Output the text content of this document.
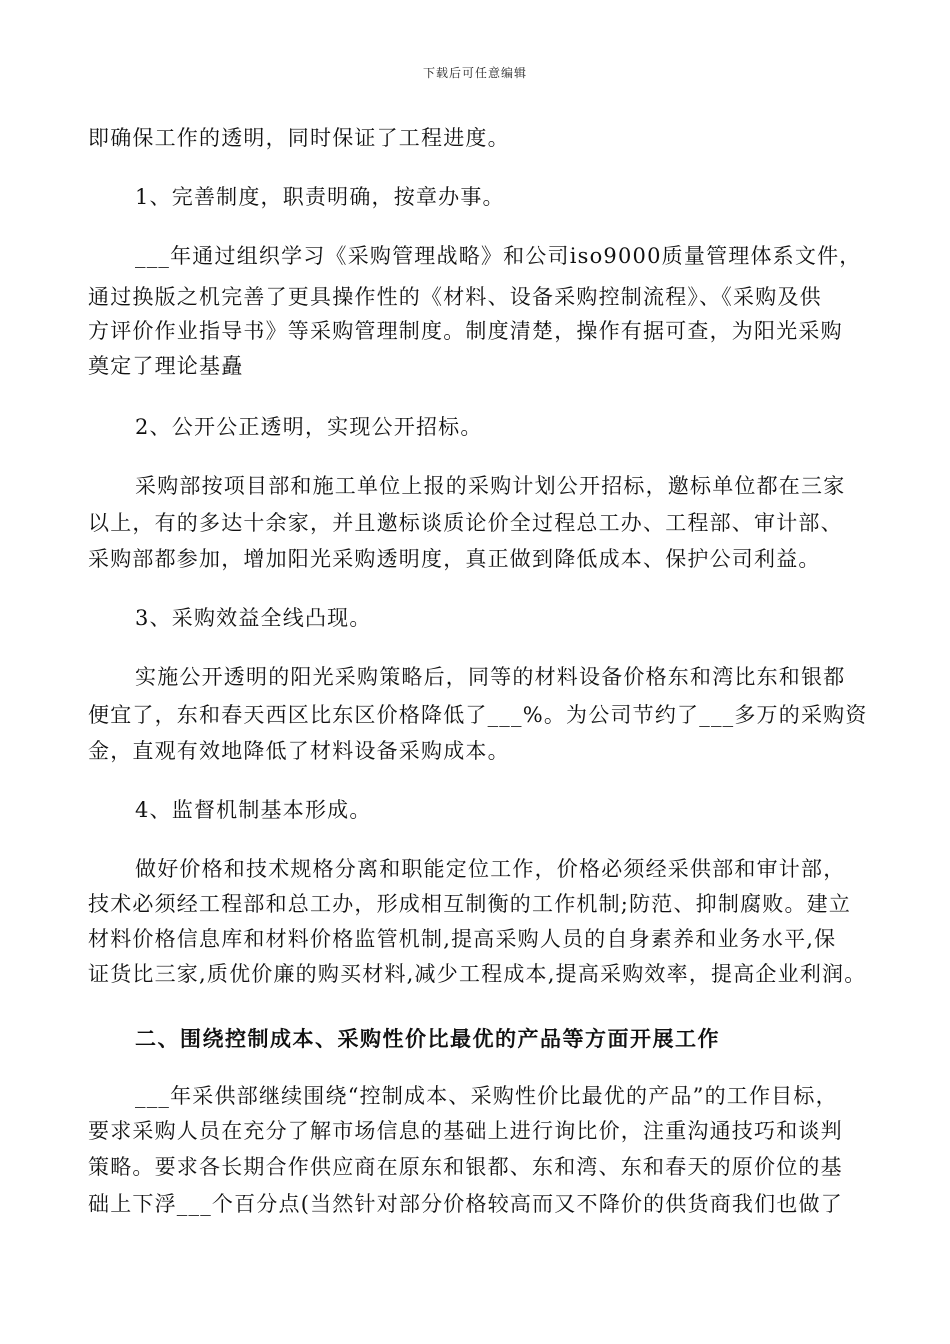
下载后可任意编辑
即确保工作的透明，同时保证了工程进度。
1、完善制度，职责明确，按章办事。
___年通过组织学习《采购管理战略》和公司iso9000质量管理体系文件，
通过换版之机完善了更具操作性的《材料、设备采购控制流程》、《采购及供
方评价作业指导书》等采购管理制度。制度清楚，操作有据可查，为阳光采购
奠定了理论基矗
2、公开公正透明，实现公开招标。
采购部按项目部和施工单位上报的采购计划公开招标，邀标单位都在三家
以上，有的多达十余家，并且邀标谈质论价全过程总工办、工程部、审计部、
采购部都参加，增加阳光采购透明度，真正做到降低成本、保护公司利益。
3、采购效益全线凸现。
实施公开透明的阳光采购策略后，同等的材料设备价格东和湾比东和银都
便宜了，东和春天西区比东区价格降低了___%。为公司节约了___多万的采购资
金，直观有效地降低了材料设备采购成本。
4、监督机制基本形成。
做好价格和技术规格分离和职能定位工作，价格必须经采供部和审计部，
技术必须经工程部和总工办，形成相互制衡的工作机制;防范、抑制腐败。建立
材料价格信息库和材料价格监管机制,提高采购人员的自身素养和业务水平,保
证货比三家,质优价廉的购买材料,减少工程成本,提高采购效率，提高企业利润。
二、围绕控制成本、采购性价比最优的产品等方面开展工作
___年采供部继续围绕“控制成本、采购性价比最优的产品”的工作目标，
要求采购人员在充分了解市场信息的基础上进行询比价，注重沟通技巧和谈判
策略。要求各长期合作供应商在原东和银都、东和湾、东和春天的原价位的基
础上下浮___个百分点(当然针对部分价格较高而又不降价的供货商我们也做了
